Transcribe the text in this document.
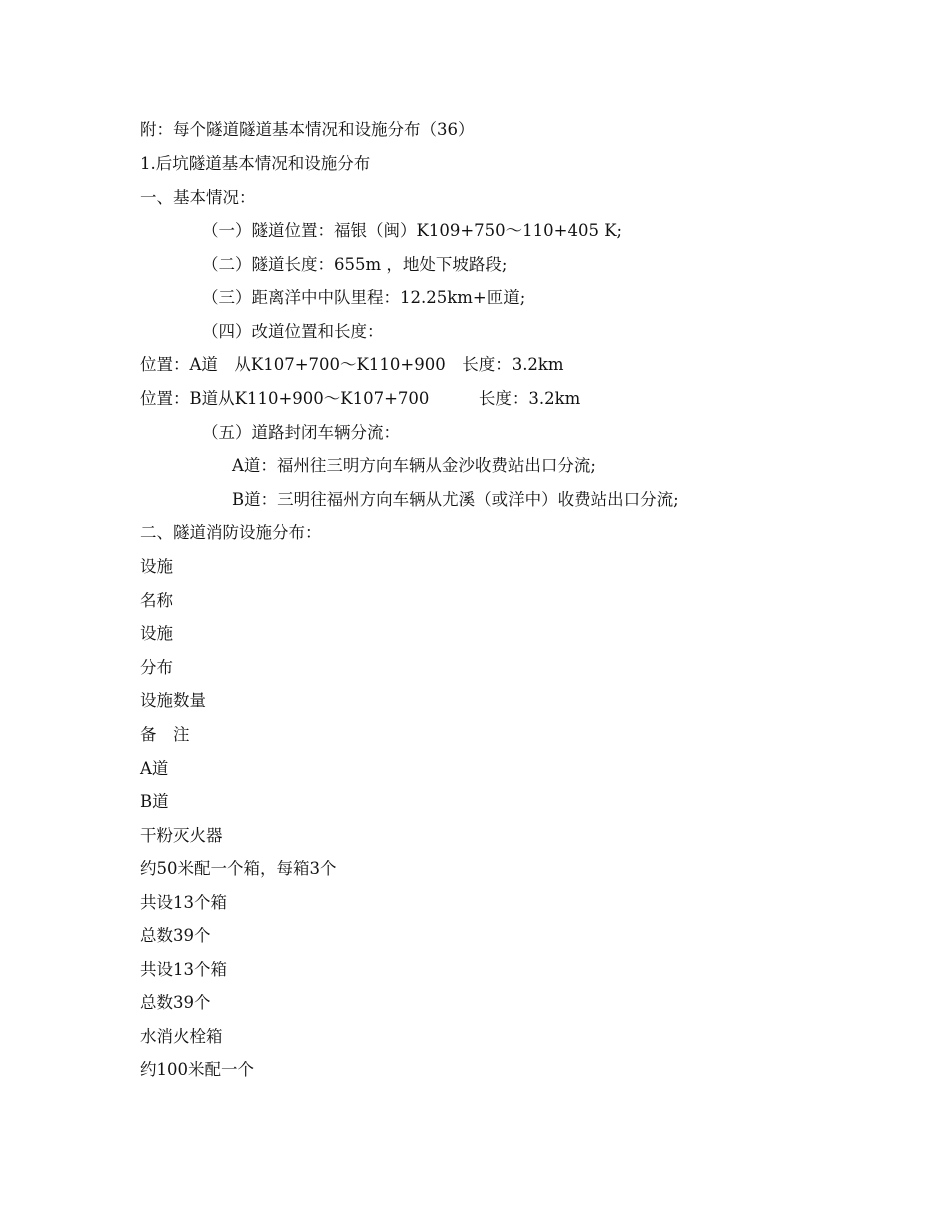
附：每个隧道隧道基本情况和设施分布（36）
1.后坑隧道基本情况和设施分布
一、基本情况：
（一）隧道位置：福银（闽）K109+750～110+405 K;
（二）隧道长度：655m ，地处下坡路段;
（三）距离洋中中队里程：12.25km+匝道;
（四）改道位置和长度：
位置：A道　从K107+700～K110+900　长度：3.2km
位置：B道从K110+900～K107+700　　　长度：3.2km
（五）道路封闭车辆分流：
A道：福州往三明方向车辆从金沙收费站出口分流;
B道：三明往福州方向车辆从尤溪（或洋中）收费站出口分流;
二、隧道消防设施分布：
设施
名称
设施
分布
设施数量
备　注
A道
B道
干粉灭火器
约50米配一个箱，每箱3个
共设13个箱
总数39个
共设13个箱
总数39个
水消火栓箱
约100米配一个
